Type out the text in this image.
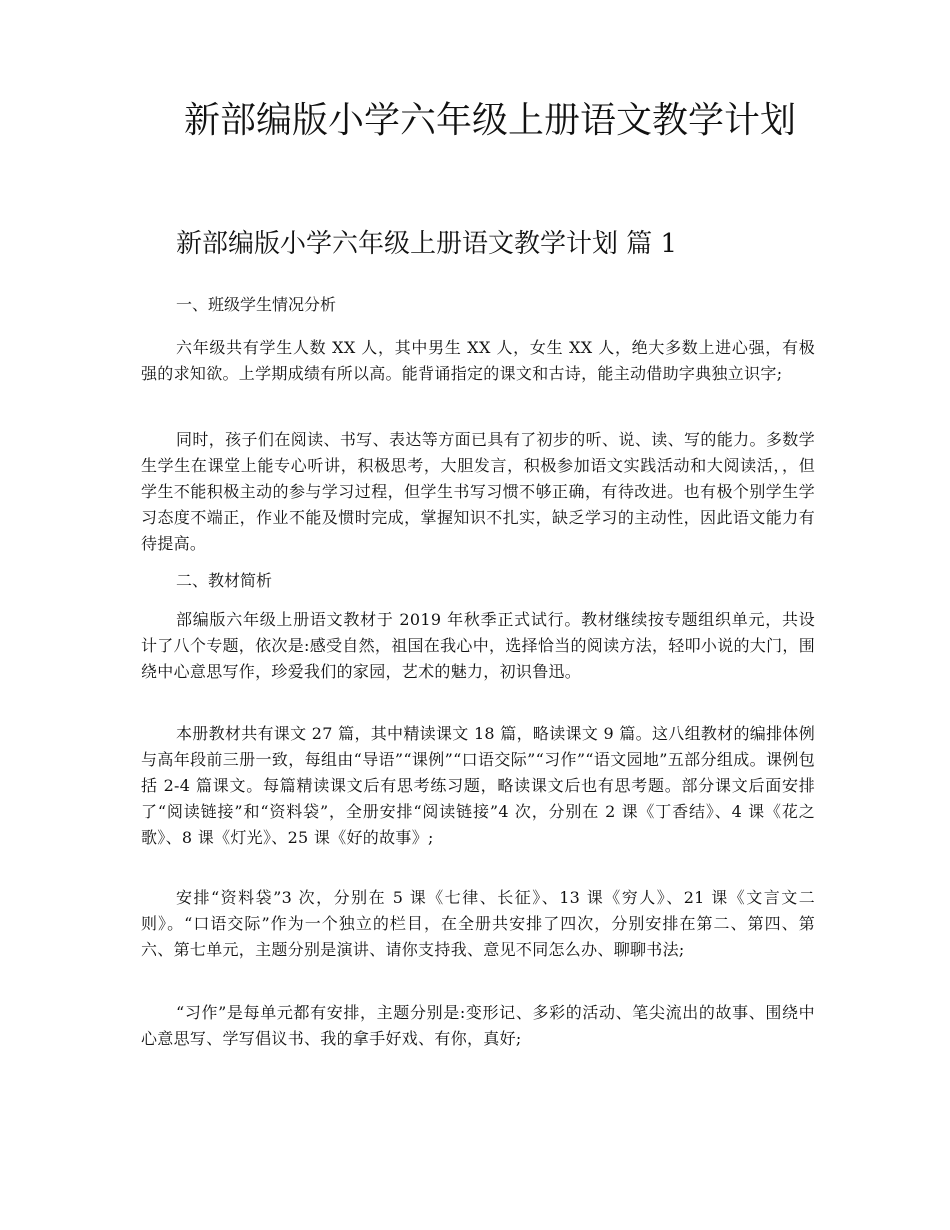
新部编版小学六年级上册语文教学计划
新部编版小学六年级上册语文教学计划 篇 1

一、班级学生情况分析

六年级共有学生人数 XX 人，其中男生 XX 人，女生 XX 人，绝大多数上进心强，有极强的求知欲。上学期成绩有所以高。能背诵指定的课文和古诗，能主动借助字典独立识字;

同时，孩子们在阅读、书写、表达等方面已具有了初步的听、说、读、写的能力。多数学生学生在课堂上能专心听讲，积极思考，大胆发言，积极参加语文实践活动和大阅读活，，但学生不能积极主动的参与学习过程，但学生书写习惯不够正确，有待改进。也有极个别学生学习态度不端正，作业不能及惯时完成，掌握知识不扎实，缺乏学习的主动性，因此语文能力有待提高。

二、教材简析

部编版六年级上册语文教材于 2019 年秋季正式试行。教材继续按专题组织单元，共设计了八个专题，依次是:感受自然，祖国在我心中，选择恰当的阅读方法，轻叩小说的大门，围绕中心意思写作，珍爱我们的家园，艺术的魅力，初识鲁迅。

本册教材共有课文 27 篇，其中精读课文 18 篇，略读课文 9 篇。这八组教材的编排体例与高年段前三册一致，每组由“导语”“课例”“口语交际”“习作”“语文园地”五部分组成。课例包括 2-4 篇课文。每篇精读课文后有思考练习题，略读课文后也有思考题。部分课文后面安排了“阅读链接”和“资料袋”，全册安排“阅读链接”4 次，分别在 2 课《丁香结》、4 课《花之歌》、8 课《灯光》、25 课《好的故事》;

安排“资料袋”3 次，分别在 5 课《七律、长征》、13 课《穷人》、21 课《文言文二则》。“口语交际”作为一个独立的栏目，在全册共安排了四次，分别安排在第二、第四、第六、第七单元，主题分别是演讲、请你支持我、意见不同怎么办、聊聊书法;

“习作”是每单元都有安排，主题分别是:变形记、多彩的活动、笔尖流出的故事、围绕中心意思写、学写倡议书、我的拿手好戏、有你，真好;
